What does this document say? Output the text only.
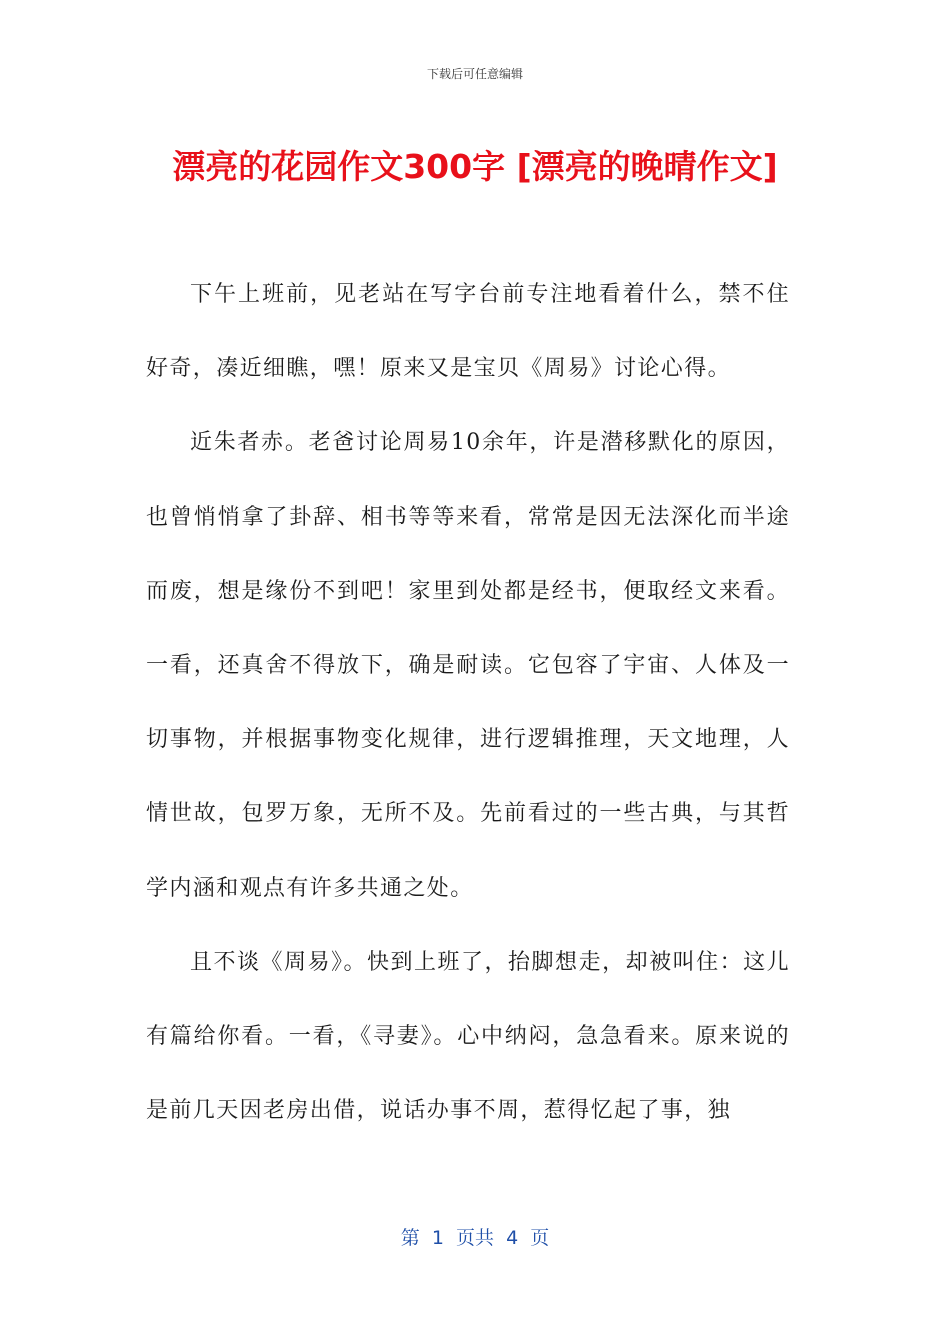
下载后可任意编辑
漂亮的花园作文300字 [漂亮的晚晴作文]

下午上班前，见老站在写字台前专注地看着什么，禁不住好奇，凑近细瞧，嘿！原来又是宝贝《周易》讨论心得。

近朱者赤。老爸讨论周易10余年，许是潜移默化的原因，也曾悄悄拿了卦辞、相书等等来看，常常是因无法深化而半途而废，想是缘份不到吧！家里到处都是经书，便取经文来看。一看，还真舍不得放下，确是耐读。它包容了宇宙、人体及一切事物，并根据事物变化规律，进行逻辑推理，天文地理，人情世故，包罗万象，无所不及。先前看过的一些古典，与其哲学内涵和观点有许多共通之处。

且不谈《周易》。快到上班了，抬脚想走，却被叫住：这儿有篇给你看。一看，《寻妻》。心中纳闷，急急看来。原来说的是前几天因老房出借，说话办事不周，惹得忆起了事，独

第  1  页共  4  页
